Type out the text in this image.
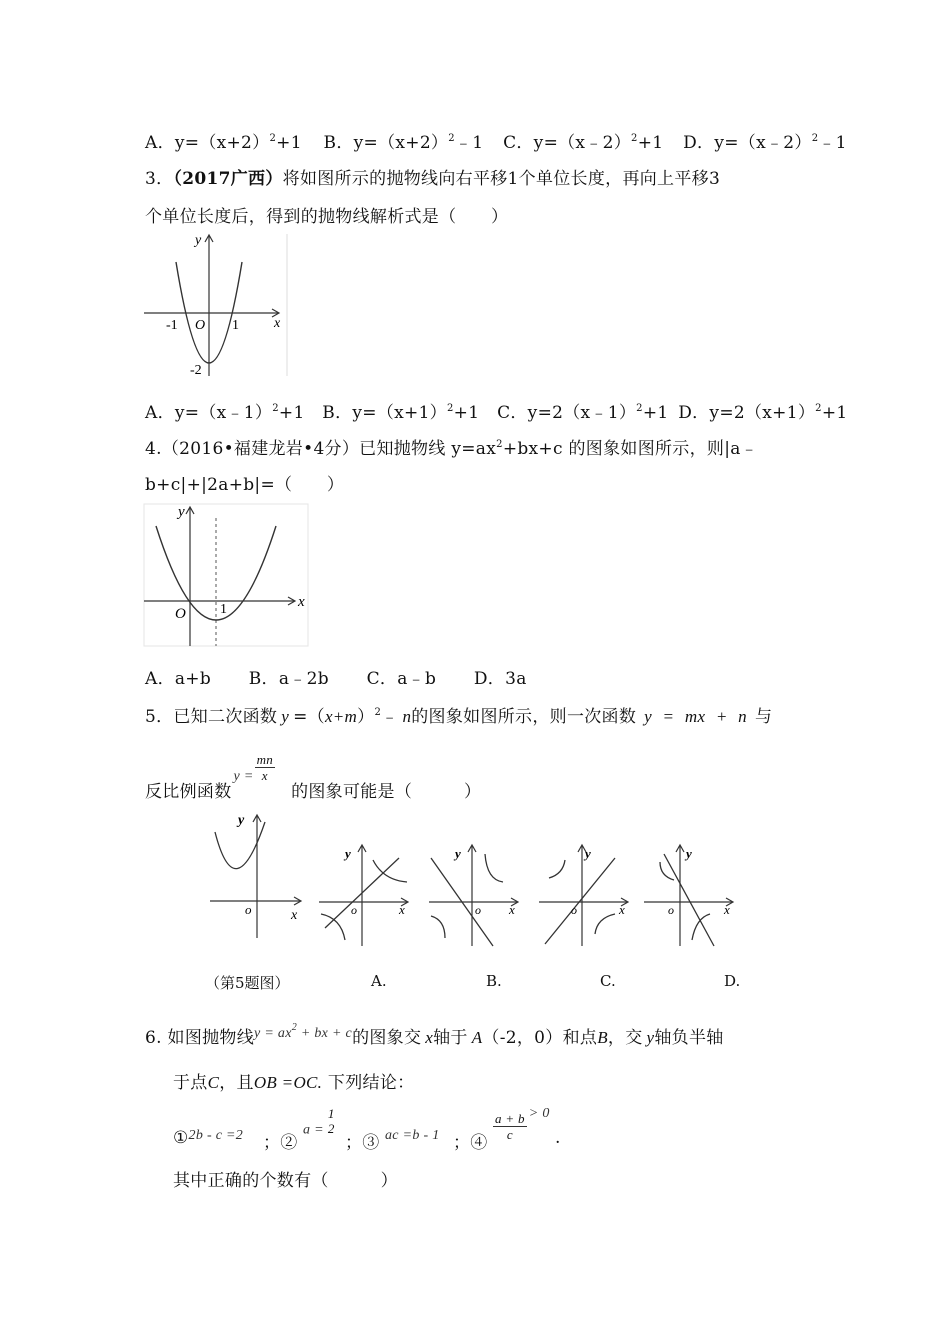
A．$y=(x+2)^2+1$ B．$y=(x+2)^2﹣1$ C．y=（x﹣2）$^2$+1 D．y=（x﹣2）$^2$﹣1
3．（2017广西）将如图所示的抛物线向右平移1个单位长度，再向上平移3
个单位长度后，得到的抛物线解析式是（　　）
y
x
O
-1	1
-2
A．y=（x﹣1）$^2$+1 B．$y=(x+1)^2+1$ C．y=2（x﹣1）$^2$+1 D．$y=2(x+1)^2+1$
4.（2016•福建龙岩•4分）已知抛物线 $y=ax^2+bx+c$ 的图象如图所示，则|a﹣
b+c|+|2a+b|=（　　）
y
x
O 1
A．a+b B．a﹣2b C．a﹣b D．3a
5．已知二次函数 $y =(x+m)^2﹣$ n的图象如图所示，则一次函数 y = mx + n 与
反比例函数$^{y =} \frac{mn}{x}$
的图象可能是（　　　）
y
x
o
y
x
o
y
x
o
y
x
o
y
x
o
（第5题图）	A.	B.	C.	D.
6. 如图抛物线$^{y = ax^2 + bx + c}$的图象交 x轴于 A（-2，0）和点B，交 y轴负半轴
于点C，且OB =OC. 下列结论：
①$^{2b - c =2}$ ；②
$_{a =}$
1
2
；③ ac =b - 1 ；④
$\frac{a + b}{c} ^{> 0}$
.
其中正确的个数有（　　　）
